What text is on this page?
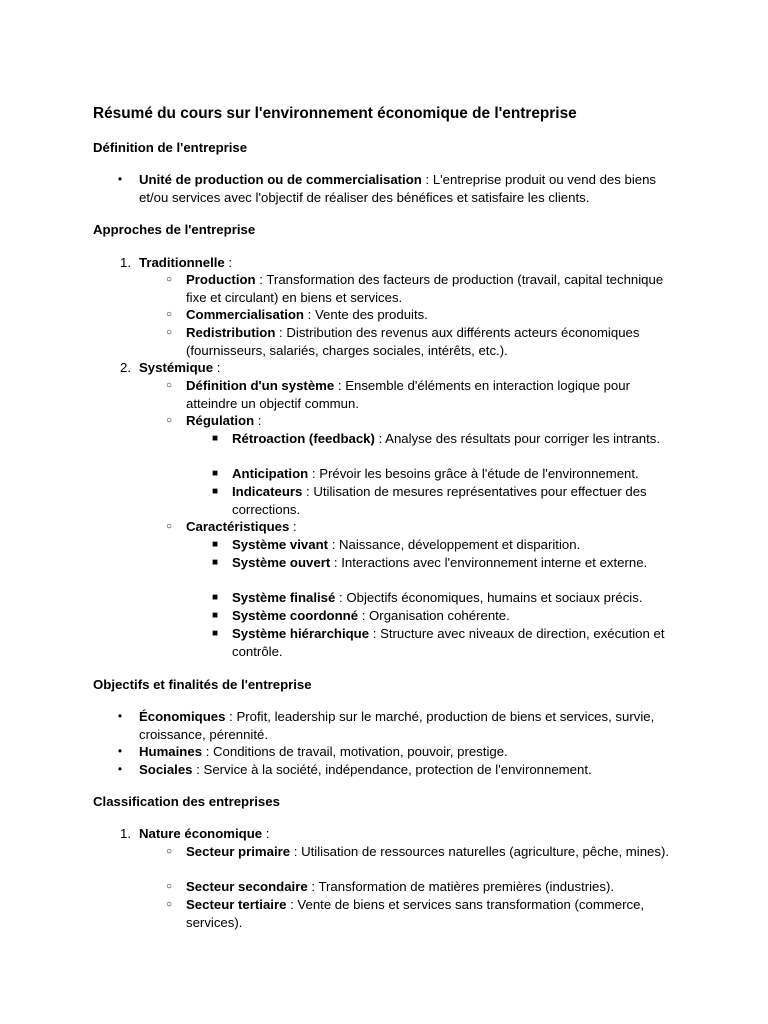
Résumé du cours sur l'environnement économique de l'entreprise
Définition de l'entreprise
•	Unité de production ou de commercialisation : L'entreprise produit ou vend des biens et/ou services avec l'objectif de réaliser des bénéfices et satisfaire les clients.
Approches de l'entreprise
1. Traditionnelle :
○	Production : Transformation des facteurs de production (travail, capital technique fixe et circulant) en biens et services.
○	Commercialisation : Vente des produits.
○	Redistribution : Distribution des revenus aux différents acteurs économiques (fournisseurs, salariés, charges sociales, intérêts, etc.).
2. Systémique :
○	Définition d'un système : Ensemble d'éléments en interaction logique pour atteindre un objectif commun.
○	Régulation :
■	Rétroaction (feedback) : Analyse des résultats pour corriger les intrants.
■	Anticipation : Prévoir les besoins grâce à l'étude de l'environnement.
■	Indicateurs : Utilisation de mesures représentatives pour effectuer des corrections.
○	Caractéristiques :
■	Système vivant : Naissance, développement et disparition.
■	Système ouvert : Interactions avec l'environnement interne et externe.
■	Système finalisé : Objectifs économiques, humains et sociaux précis.
■	Système coordonné : Organisation cohérente.
■	Système hiérarchique : Structure avec niveaux de direction, exécution et contrôle.
Objectifs et finalités de l'entreprise
•	Économiques : Profit, leadership sur le marché, production de biens et services, survie, croissance, pérennité.
•	Humaines : Conditions de travail, motivation, pouvoir, prestige.
•	Sociales : Service à la société, indépendance, protection de l'environnement.
Classification des entreprises
1. Nature économique :
○	Secteur primaire : Utilisation de ressources naturelles (agriculture, pêche, mines).
○	Secteur secondaire : Transformation de matières premières (industries).
○	Secteur tertiaire : Vente de biens et services sans transformation (commerce, services).
